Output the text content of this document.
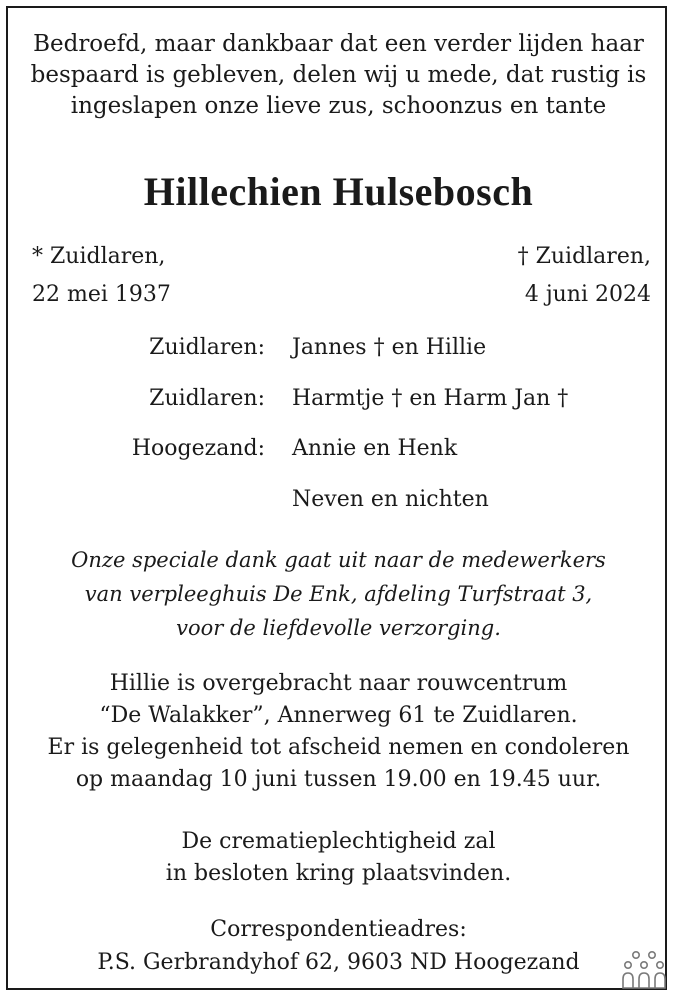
Bedroefd, maar dankbaar dat een verder lijden haar
bespaard is gebleven, delen wij u mede, dat rustig is
ingeslapen onze lieve zus, schoonzus en tante
Hillechien Hulsebosch
* Zuidlaren,
22 mei 1937
† Zuidlaren,
4 juni 2024
Zuidlaren: Jannes † en Hillie
Zuidlaren: Harmtje † en Harm Jan †
Hoogezand: Annie en Henk
Neven en nichten
Onze speciale dank gaat uit naar de medewerkers
van verpleeghuis De Enk, afdeling Turfstraat 3,
voor de liefdevolle verzorging.
Hillie is overgebracht naar rouwcentrum
“De Walakker”, Annerweg 61 te Zuidlaren.
Er is gelegenheid tot afscheid nemen en condoleren
op maandag 10 juni tussen 19.00 en 19.45 uur.
De crematieplechtigheid zal
in besloten kring plaatsvinden.
Correspondentieadres:
P.S. Gerbrandyhof 62, 9603 ND Hoogezand
